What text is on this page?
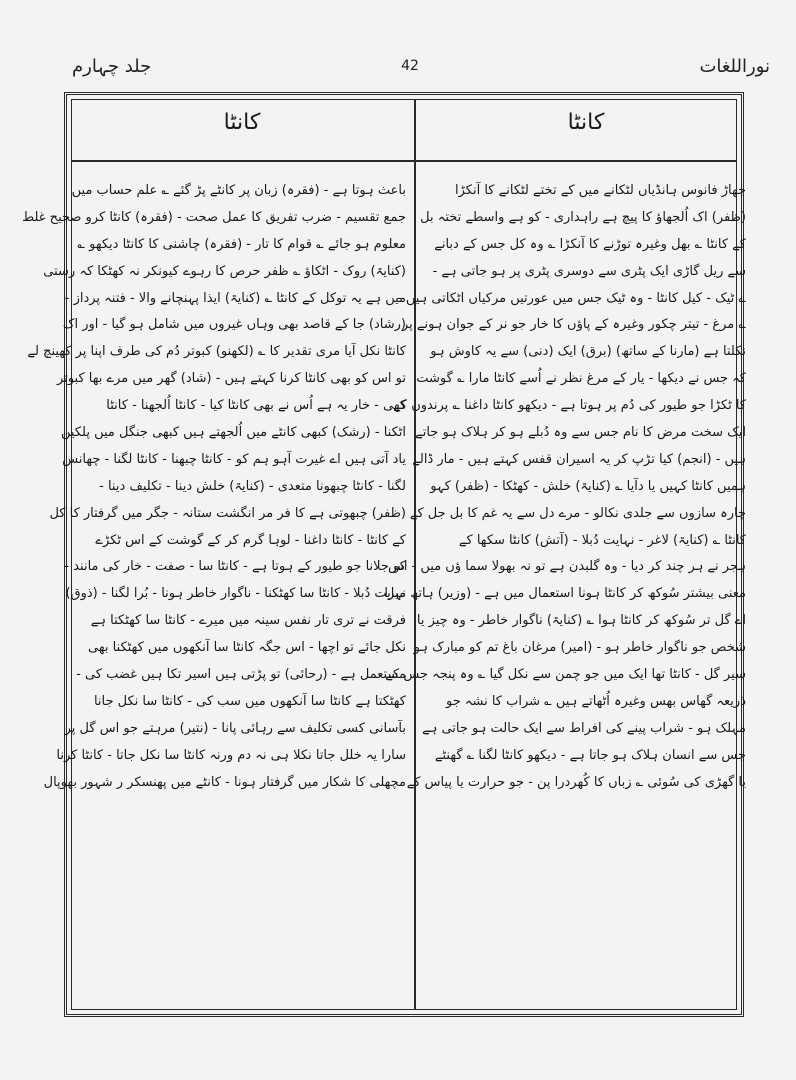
نوراللغات
42
جلد چہارم
کانٹا
کانٹا
جھاڑ فانوس ہانڈیاں لٹکانے میں کے تختے لٹکانے کا آنکڑا
(ظفر) اک اُلجھاؤ کا پیچ ہے راہداری - کو ہے واسطے تختہ بل
کے کانٹا ؎ بھل وغیرہ توڑنے کا آنکڑا ؎ وہ کل جس کے دبانے
سے ریل گاڑی ایک پٹری سے دوسری پٹری پر ہو جاتی ہے -
؎ ٹیک - کیل کانٹا - وہ ٹیک جس میں عورتیں مرکیاں اٹکاتی ہیں -
؎ مرغ - تیتر چکور وغیرہ کے پاؤں کا خار جو نر کے جوان ہونے پر
نکلتا ہے (مارنا کے ساتھ) (برق) ایک (دنی) سے یہ کاوش ہو
کہ جس نے دیکھا - یار کے مرغ نظر نے اُسے کانٹا مارا ؎ گوشت
کا ٹکڑا جو طیور کی دُم پر ہوتا ہے - دیکھو کانٹا داغنا ؎ پرندوں کے
ایک سخت مرض کا نام جس سے وہ دُبلے ہو کر ہلاک ہو جاتے
ہیں - (انجم) کیا تڑپ کر یہ اسیران قفس کہتے ہیں - مار ڈالے
ہمیں کانٹا کہیں یا دآیا ؎ (کنایۃ) خلش - کھٹکا - (ظفر) کہو
چارہ سازوں سے جلدی نکالو - مرے دل سے یہ غم کا بل جل کے
کانٹا ؎ (کنایۃ) لاغر - نہایت دُبلا - (آتش) کانٹا سکھا کے
ہجر نے ہر چند کر دیا - وہ گلبدن ہے تو نہ بھولا سما ؤں میں - اس
معنی بیشتر سُوکھ کر کانٹا ہونا استعمال میں ہے - (وزیر) ہاتھ میرا
اے گل تر سُوکھ کر کانٹا ہوا ؎ (کنایۃ) ناگوار خاطر - وہ چیز یا
شخص جو ناگوار خاطر ہو - (امیر) مرغان باغ تم کو مبارک ہو
سیر گل - کانٹا تھا ایک میں جو چمن سے نکل گیا ؎ وہ پنجہ جس کے
ذریعہ گھاس بھس وغیرہ اُٹھاتے ہیں ؎ شراب کا نشہ جو
مہلک ہو - شراب پینے کی افراط سے ایک حالت ہو جاتی ہے
جس سے انسان ہلاک ہو جاتا ہے - دیکھو کانٹا لگنا ؎ گھنٹے
یا گھڑی کی سُوئی ؎ زباں کا کُھردرا پن - جو حرارت یا پیاس کے
باعث ہوتا ہے - (فقرہ) زبان پر کانٹے پڑ گئے ؎ علم حساب میں
جمع تقسیم - ضرب تفریق کا عمل صحت - (فقرہ) کانٹا کرو صحیح غلط
معلوم ہو جائے ؎ قوام کا تار - (فقرہ) چاشنی کا کانٹا دیکھو ؎
(کنایۃ) روک - اٹکاؤ ؎ ظفر حرص کا رہوے کیونکر نہ کھٹکا کہ رستی
میں ہے یہ توکل کے کانٹا ؎ (کنایۃ) ایذا پہنچانے والا - فتنہ پرداز -
(رشاد) جا کے قاصد بھی وہاں غیروں میں شامل ہو گیا - اور اک
کانٹا نکل آیا مری تقدیر کا ؎ (لکھنو) کبوتر دُم کی طرف اپنا پر کھینچ لے
تو اس کو بھی کانٹا کرنا کہتے ہیں - (شاد) گھر میں مرے بھا کبوتر
کھی - خار یہ ہے اُس نے بھی کانٹا کیا - کانٹا اُلجھنا - کانٹا
اٹکنا - (رشک) کبھی کانٹے میں اُلجھتے ہیں کبھی جنگل میں پلکیں
یاد آتی ہیں اے غیرت آہو ہم کو - کانٹا چبھنا - کانٹا لگنا - چھانس
لگنا - کانٹا چبھونا متعدی - (کنایۃ) خلش دینا - تکلیف دینا -
(ظفر) چبھوتی ہے کا فر مر انگشت ستانہ - جگر میں گرفتار کا کل
کے کانٹا - کانٹا داغنا - لوہا گرم کر کے گوشت کے اس ٹکڑے
کو جلانا جو طیور کے ہوتا ہے - کانٹا سا - صفت - خار کی مانند -
نہایت دُبلا - کانٹا سا کھٹکنا - ناگوار خاطر ہونا - بُرا لگنا - (ذوق)
فرقت نے تری تار نفس سینہ میں میرے - کانٹا سا کھٹکتا ہے
نکل جائے تو اچھا - اس جگہ کانٹا سا آنکھوں میں کھٹکنا بھی
مستعمل ہے - (رحائی) تو پڑتی ہیں اسیر تکا ہیں غضب کی -
کھٹکتا ہے کانٹا سا آنکھوں میں سب کی - کانٹا سا نکل جانا
بآسانی کسی تکلیف سے رہائی پانا - (نتیر) مرہتے جو اس گل پر
سارا یہ خلل جاتا نکلا ہی نہ دم ورنہ کانٹا سا نکل جاتا - کانٹا کرنا
مچھلی کا شکار میں گرفتار ہونا - کانٹے میں پھنسکر ر شہور بھوپال
